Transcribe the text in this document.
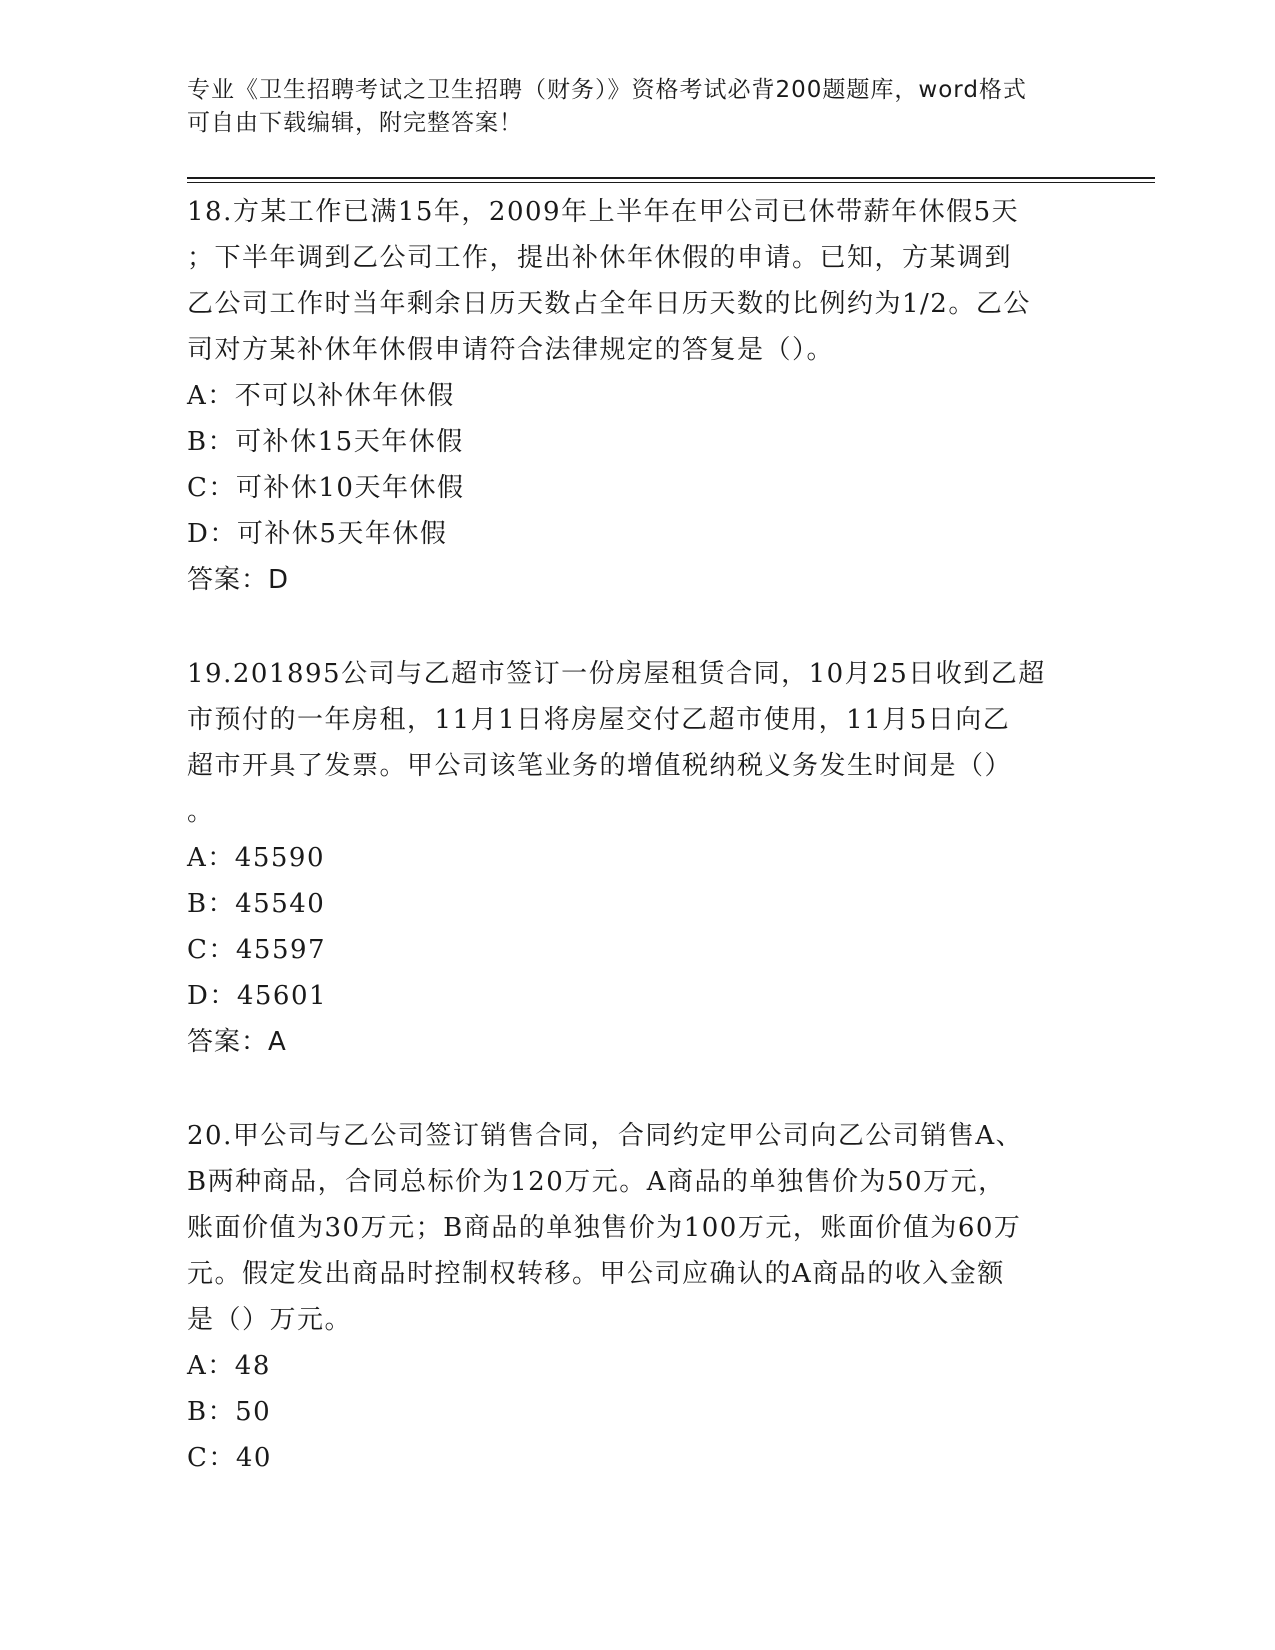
专业《卫生招聘考试之卫生招聘（财务）》资格考试必背200题题库，word格式
可自由下载编辑，附完整答案！
18.方某工作已满15年，2009年上半年在甲公司已休带薪年休假5天
；下半年调到乙公司工作，提出补休年休假的申请。已知，方某调到
乙公司工作时当年剩余日历天数占全年日历天数的比例约为1/2。乙公
司对方某补休年休假申请符合法律规定的答复是（）。
A：不可以补休年休假
B：可补休15天年休假
C：可补休10天年休假
D：可补休5天年休假
答案：D
19.201895公司与乙超市签订一份房屋租赁合同，10月25日收到乙超
市预付的一年房租，11月1日将房屋交付乙超市使用，11月5日向乙
超市开具了发票。甲公司该笔业务的增值税纳税义务发生时间是（）
。
A：45590
B：45540
C：45597
D：45601
答案：A
20.甲公司与乙公司签订销售合同，合同约定甲公司向乙公司销售A、
B两种商品，合同总标价为120万元。A商品的单独售价为50万元，
账面价值为30万元；B商品的单独售价为100万元，账面价值为60万
元。假定发出商品时控制权转移。甲公司应确认的A商品的收入金额
是（）万元。
A：48
B：50
C：40
